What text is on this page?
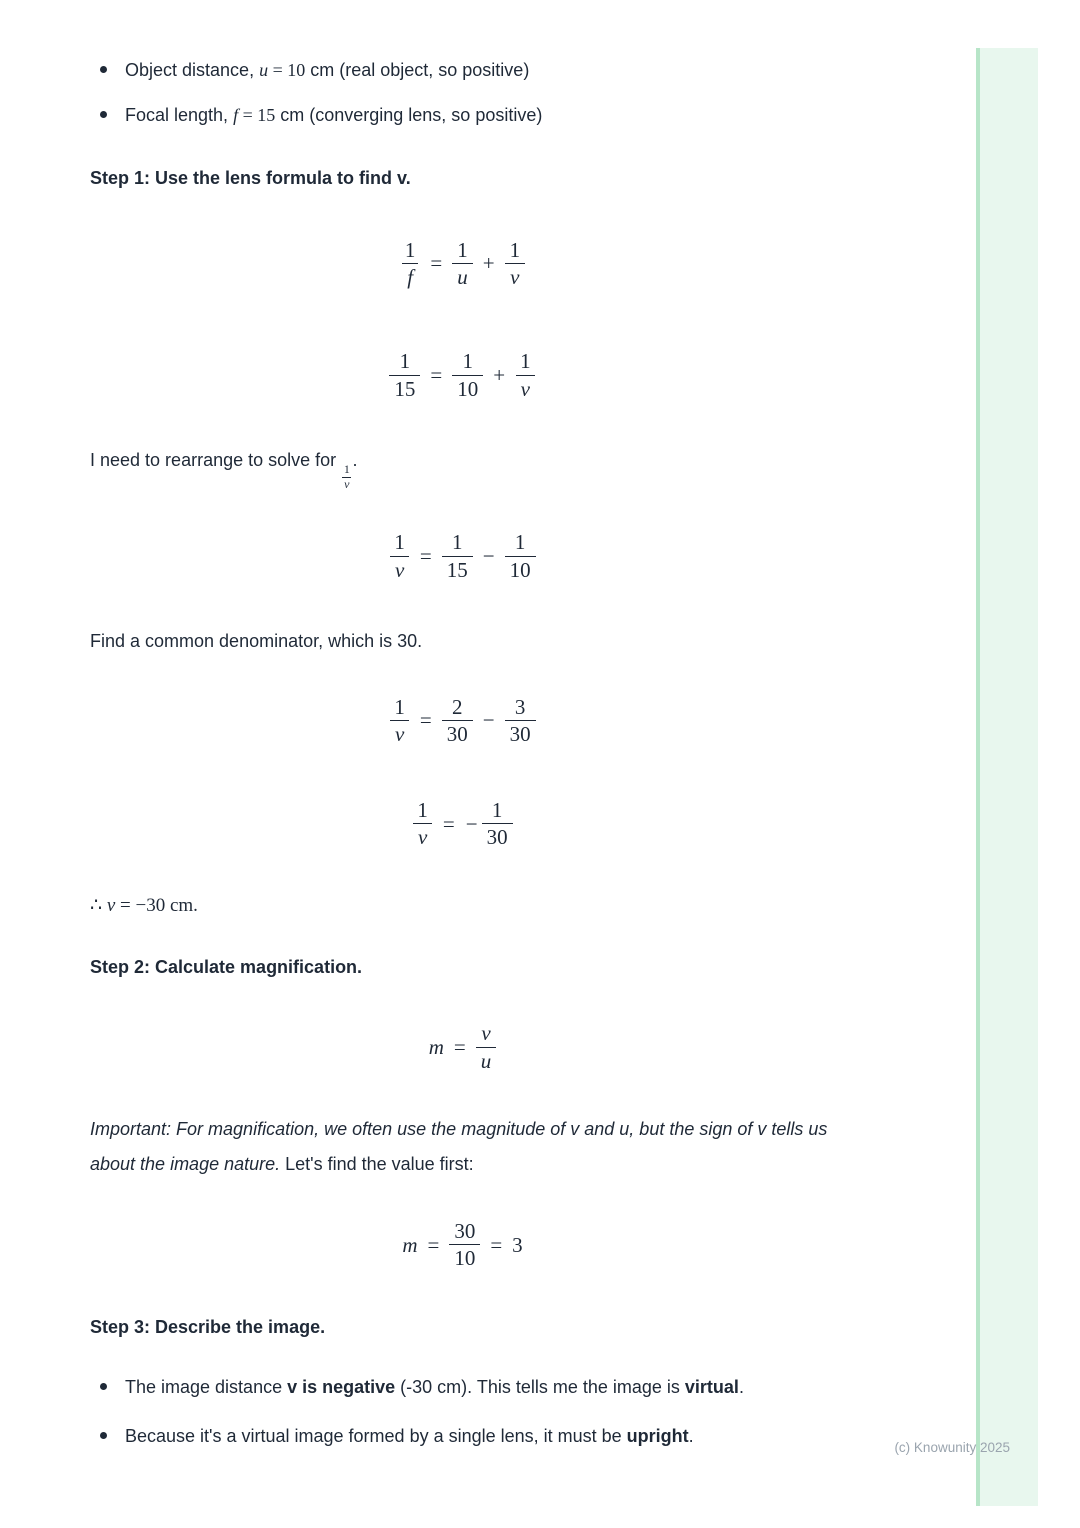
Object distance, u = 10 cm (real object, so positive)
Focal length, f = 15 cm (converging lens, so positive)
Step 1: Use the lens formula to find v.
$\frac{1}{f} = \frac{1}{u} + \frac{1}{v}$
$\frac{1}{15} = \frac{1}{10} + \frac{1}{v}$

I need to rearrange to solve for
$\frac{1}{v}$
.

$\frac{1}{v} = \frac{1}{15} - \frac{1}{10}$

Find a common denominator, which is 30.

$\frac{1}{v} = \frac{2}{30} - \frac{3}{30}$
$\frac{1}{v}$ = − $\frac{1}{30}$

∴ v = −30 cm.

Step 2: Calculate magnification.
$m = \frac{v}{u}$

Important: For magnification, we often use the magnitude of v and u, but the sign of v tells us about the image nature. Let's find the value first:

$m = \frac{30}{10} = 3$
Step 3: Describe the image.
The image distance v is negative (-30 cm). This tells me the image is virtual.
Because it's a virtual image formed by a single lens, it must be upright.
(c) Knowunity 2025
